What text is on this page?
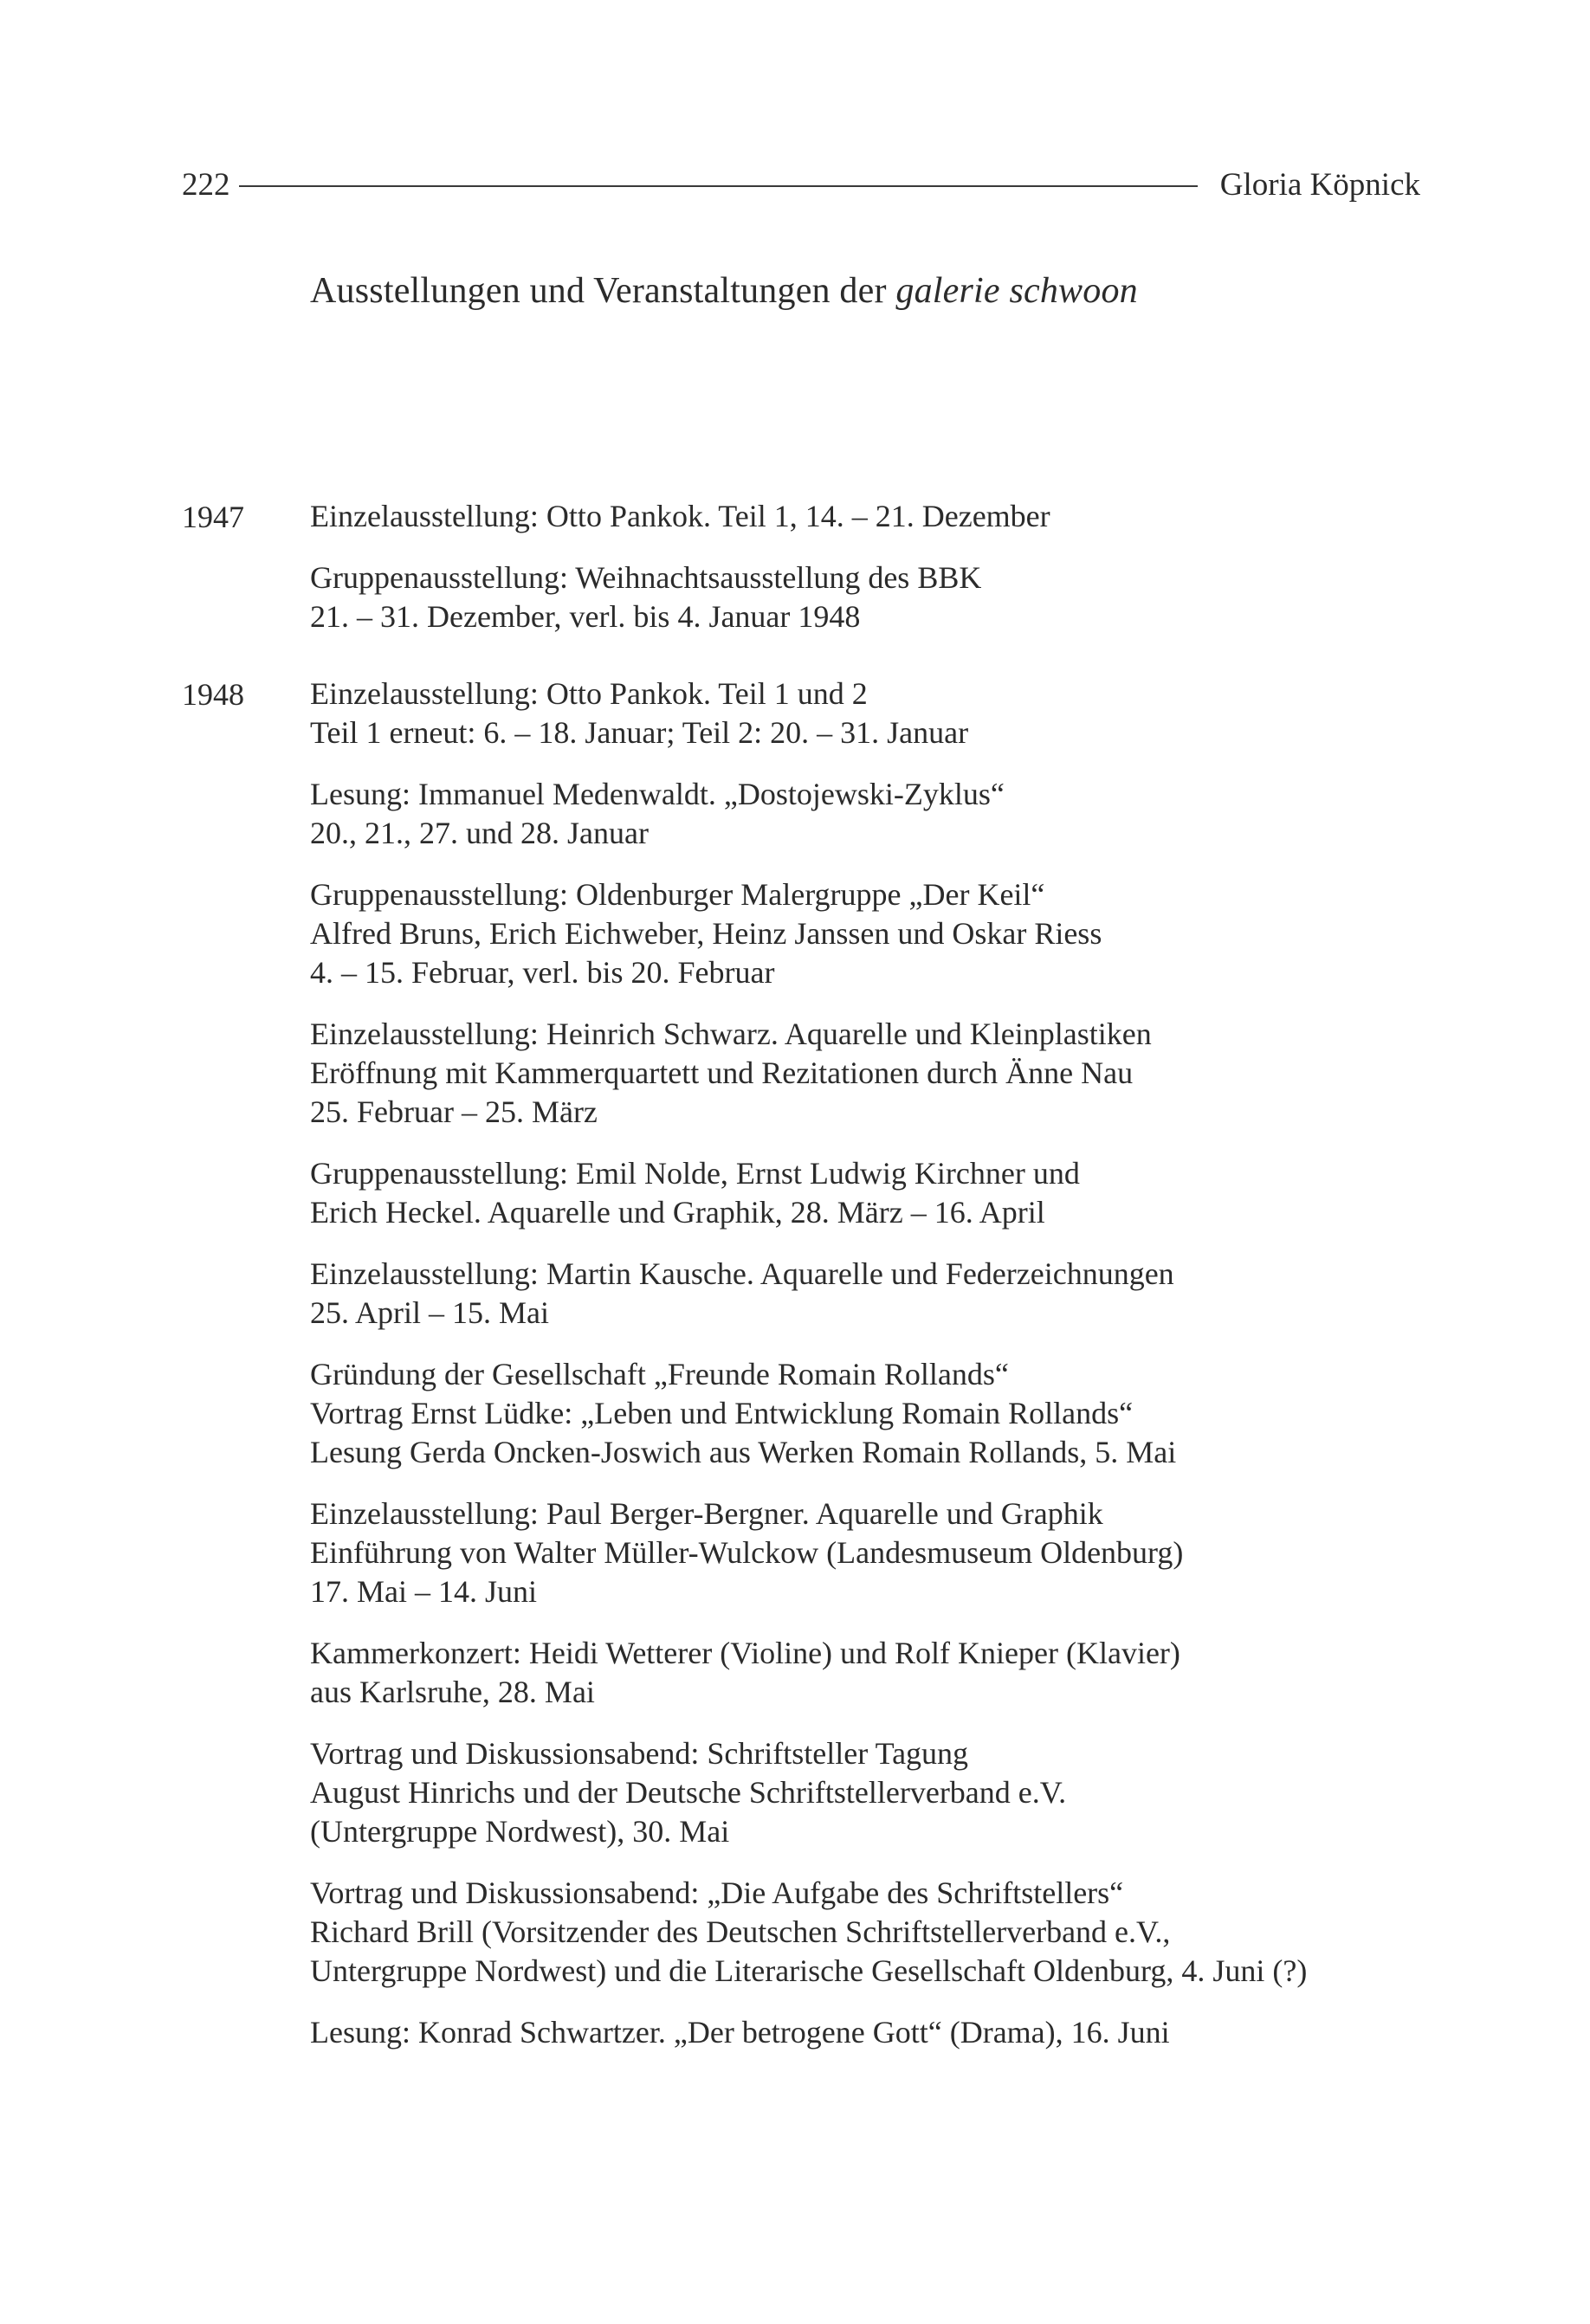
222	Gloria Köpnick
Ausstellungen und Veranstaltungen der galerie schwoon
1947	Einzelausstellung: Otto Pankok. Teil 1, 14. – 21. Dezember
Gruppenausstellung: Weihnachtsausstellung des BBK
21. – 31. Dezember, verl. bis 4. Januar 1948
1948	Einzelausstellung: Otto Pankok. Teil 1 und 2
Teil 1 erneut: 6. – 18. Januar; Teil 2: 20. – 31. Januar
Lesung: Immanuel Medenwaldt. „Dostojewski-Zyklus“
20., 21., 27. und 28. Januar
Gruppenausstellung: Oldenburger Malergruppe „Der Keil“
Alfred Bruns, Erich Eichweber, Heinz Janssen und Oskar Riess
4. – 15. Februar, verl. bis 20. Februar
Einzelausstellung: Heinrich Schwarz. Aquarelle und Kleinplastiken
Eröffnung mit Kammerquartett und Rezitationen durch Änne Nau
25. Februar – 25. März
Gruppenausstellung: Emil Nolde, Ernst Ludwig Kirchner und
Erich Heckel. Aquarelle und Graphik, 28. März – 16. April
Einzelausstellung: Martin Kausche. Aquarelle und Federzeichnungen
25. April – 15. Mai
Gründung der Gesellschaft „Freunde Romain Rollands“
Vortrag Ernst Lüdke: „Leben und Entwicklung Romain Rollands“
Lesung Gerda Oncken-Joswich aus Werken Romain Rollands, 5. Mai
Einzelausstellung: Paul Berger-Bergner. Aquarelle und Graphik
Einführung von Walter Müller-Wulckow (Landesmuseum Oldenburg)
17. Mai – 14. Juni
Kammerkonzert: Heidi Wetterer (Violine) und Rolf Knieper (Klavier)
aus Karlsruhe, 28. Mai
Vortrag und Diskussionsabend: Schriftsteller Tagung
August Hinrichs und der Deutsche Schriftstellerverband e.V.
(Untergruppe Nordwest), 30. Mai
Vortrag und Diskussionsabend: „Die Aufgabe des Schriftstellers“
Richard Brill (Vorsitzender des Deutschen Schriftstellerverband e.V.,
Untergruppe Nordwest) und die Literarische Gesellschaft Oldenburg, 4. Juni (?)
Lesung: Konrad Schwartzer. „Der betrogene Gott“ (Drama), 16. Juni
